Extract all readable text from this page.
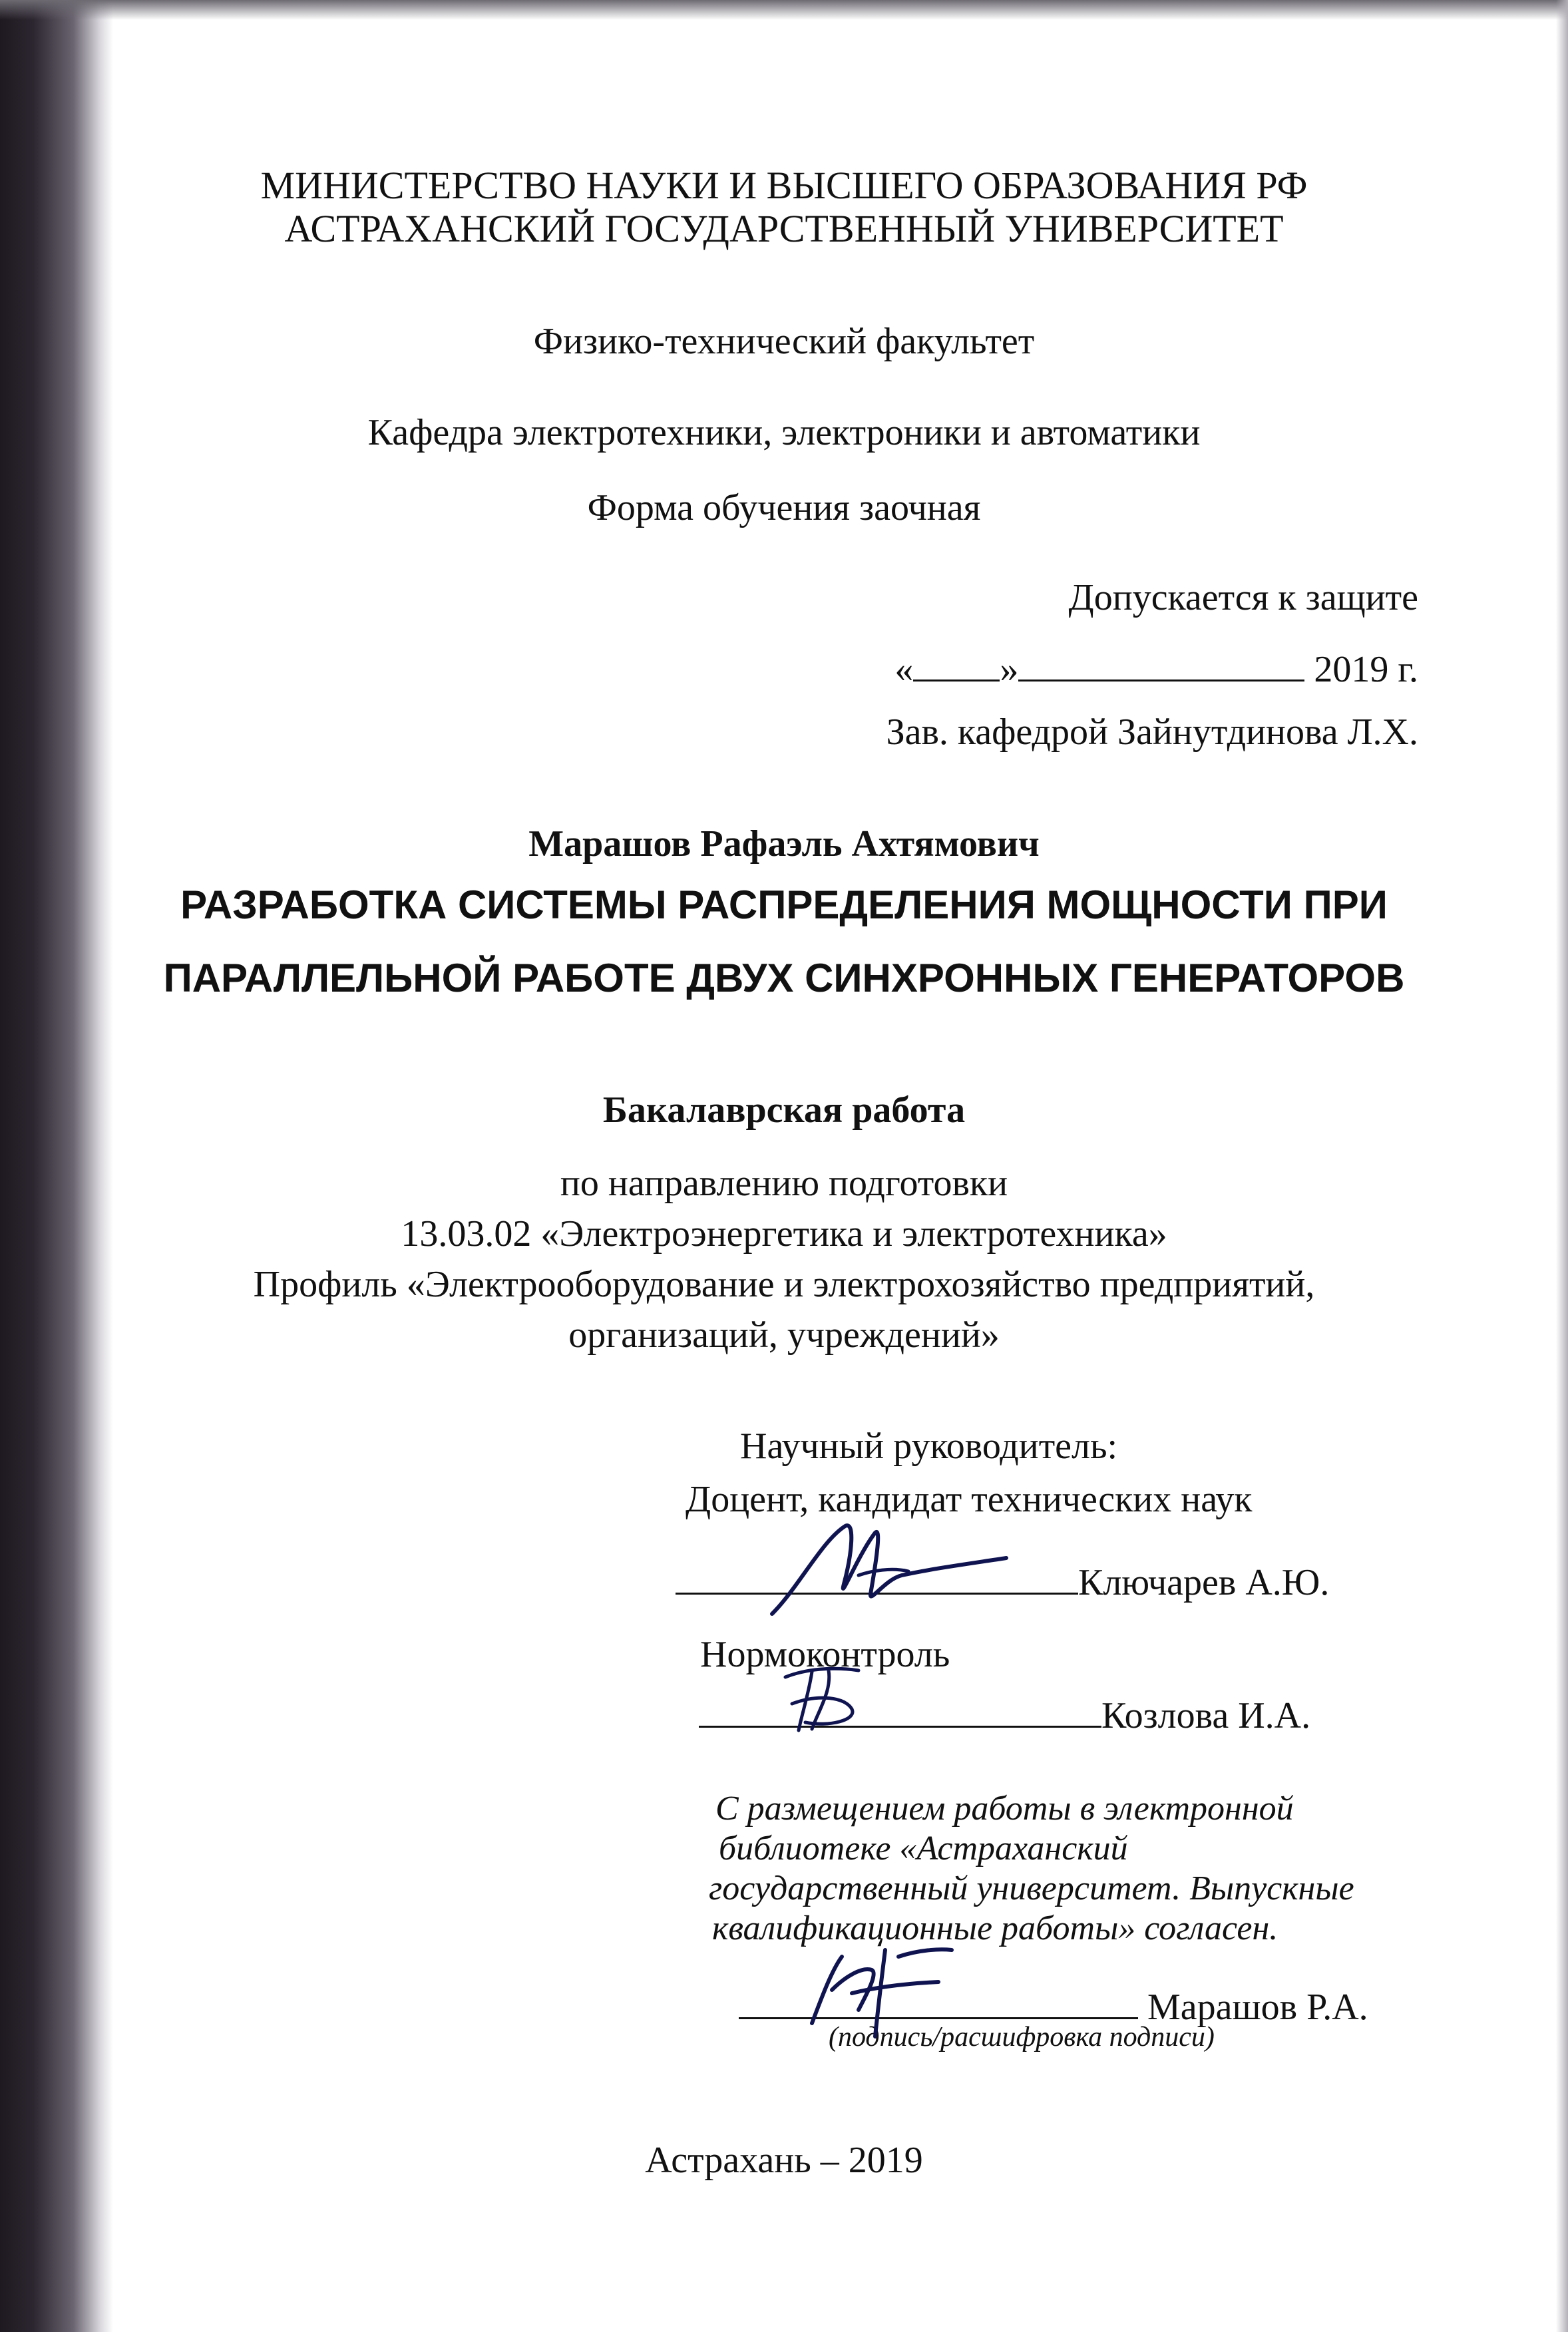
МИНИСТЕРСТВО НАУКИ И ВЫСШЕГО ОБРАЗОВАНИЯ РФ
АСТРАХАНСКИЙ ГОСУДАРСТВЕННЫЙ УНИВЕРСИТЕТ
Физико-технический факультет
Кафедра электротехники, электроники и автоматики
Форма обучения заочная
Допускается к защите
« »	2019 г.
Зав. кафедрой Зайнутдинова Л.Х.
Марашов Рафаэль Ахтямович
РАЗРАБОТКА СИСТЕМЫ РАСПРЕДЕЛЕНИЯ МОЩНОСТИ ПРИ
ПАРАЛЛЕЛЬНОЙ РАБОТЕ ДВУХ СИНХРОННЫХ ГЕНЕРАТОРОВ
Бакалаврская работа
по направлению подготовки
13.03.02 «Электроэнергетика и электротехника»
Профиль «Электрооборудование и электрохозяйство предприятий,
организаций, учреждений»
Научный руководитель:
Доцент, кандидат технических наук
Ключарев А.Ю.
Нормоконтроль
Козлова И.А.
С размещением работы в электронной
библиотеке «Астраханский
государственный университет. Выпускные
квалификационные работы» согласен.
Марашов Р.А.
(подпись/расшифровка подписи)
Астрахань – 2019
